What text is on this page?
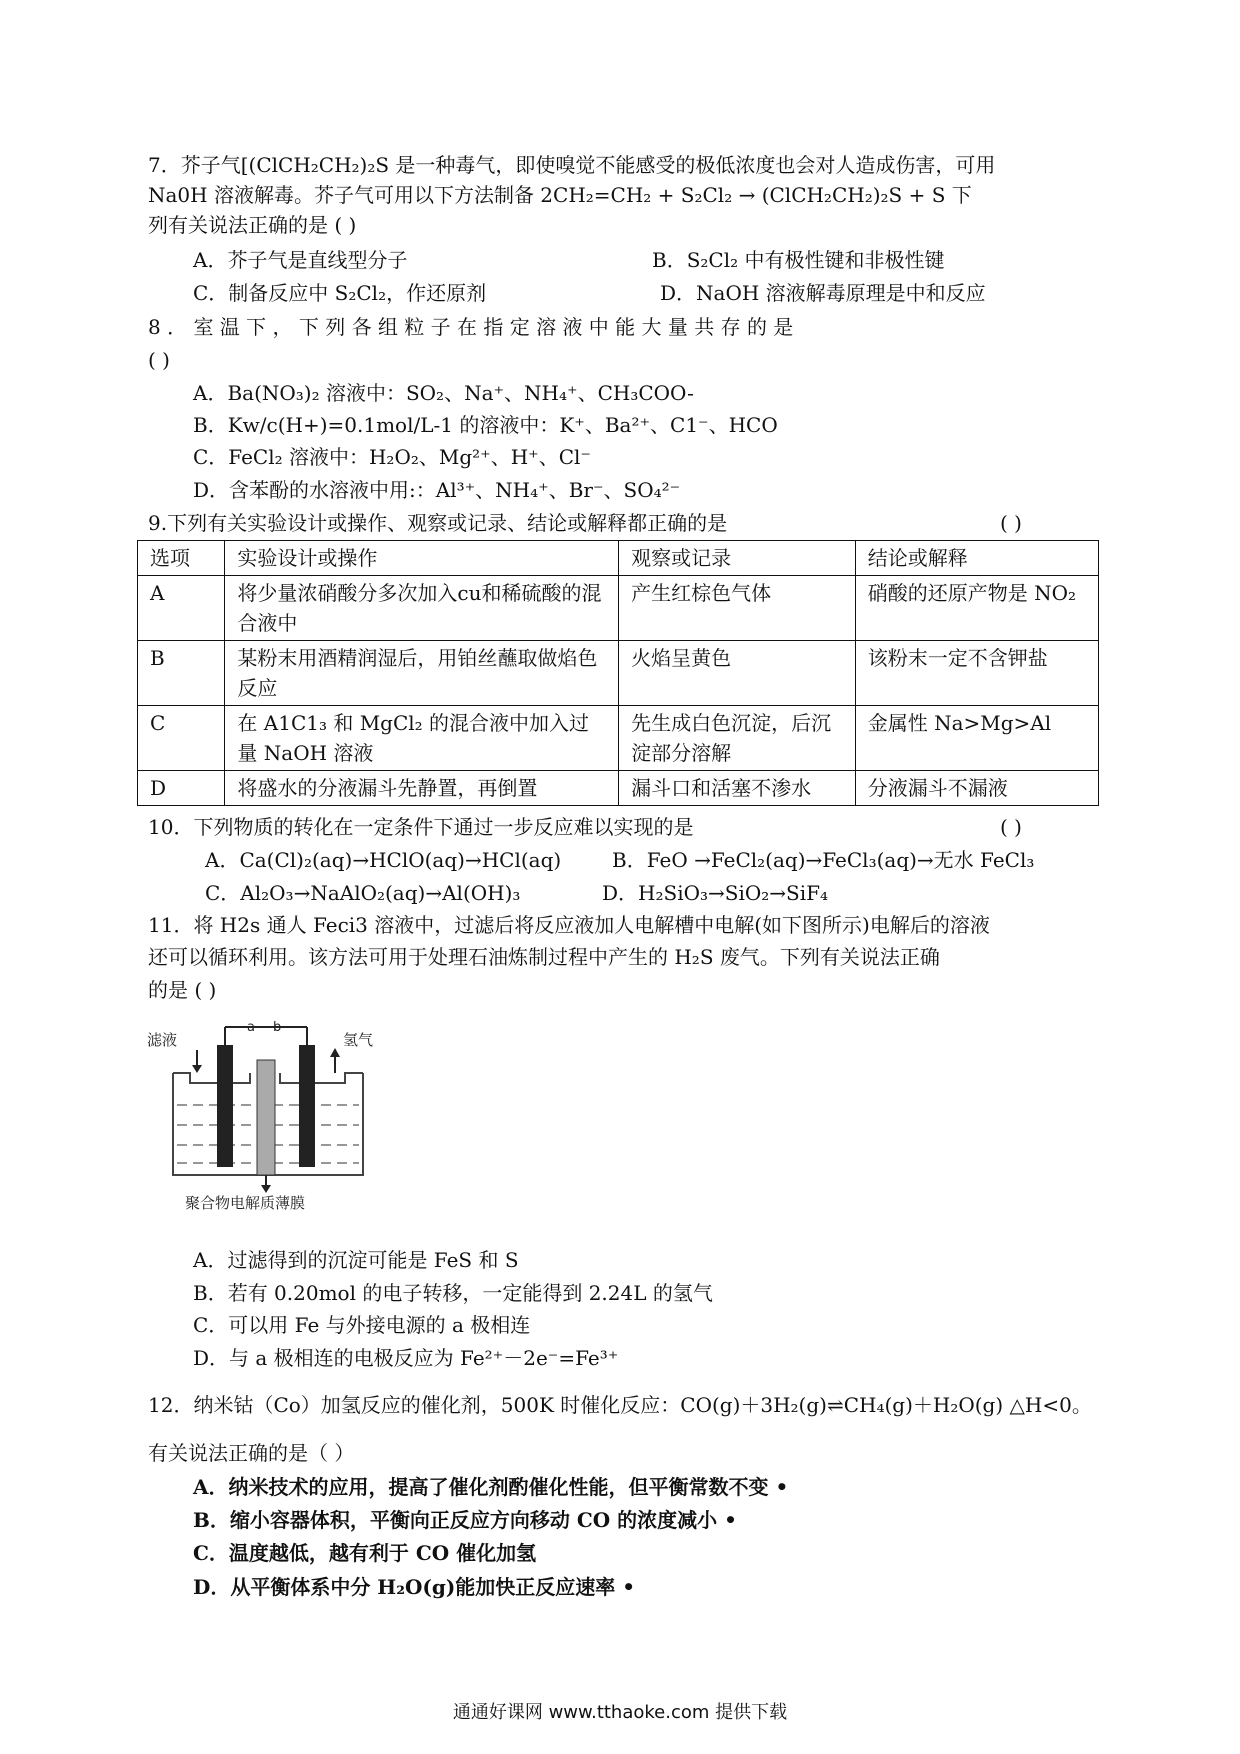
7．芥子气[(ClCH₂CH₂)₂S 是一种毒气，即使嗅觉不能感受的极低浓度也会对人造成伤害，可用
Na0H 溶液解毒。芥子气可用以下方法制备 2CH₂=CH₂ + S₂Cl₂ → (ClCH₂CH₂)₂S + S 下
列有关说法正确的是 ( )
A．芥子气是直线型分子	B．S₂Cl₂ 中有极性键和非极性键
C．制备反应中 S₂Cl₂，作还原剂	D．NaOH 溶液解毒原理是中和反应
8 ． 室 温 下 ， 下 列 各 组 粒 子 在 指 定 溶 液 中 能 大 量 共 存 的 是
( )
A．Ba(NO₃)₂ 溶液中：SO₂、Na⁺、NH₄⁺、CH₃COO-
B．Kw/c(H+)=0.1mol/L-1 的溶液中：K⁺、Ba²⁺、C1⁻、HCO
C．FeCl₂ 溶液中：H₂O₂、Mg²⁺、H⁺、Cl⁻
D．含苯酚的水溶液中用:：Al³⁺、NH₄⁺、Br⁻、SO₄²⁻
9.下列有关实验设计或操作、观察或记录、结论或解释都正确的是	( )
选项	实验设计或操作	观察或记录	结论或解释
A	将少量浓硝酸分多次加入cu和稀硫酸的混合液中	产生红棕色气体	硝酸的还原产物是 NO₂
B	某粉末用酒精润湿后，用铂丝蘸取做焰色反应	火焰呈黄色	该粉末一定不含钾盐
C	在 A1C1₃ 和 MgCl₂ 的混合液中加入过量 NaOH 溶液	先生成白色沉淀，后沉淀部分溶解	金属性 Na>Mg>Al
D	将盛水的分液漏斗先静置，再倒置	漏斗口和活塞不渗水	分液漏斗不漏液
10．下列物质的转化在一定条件下通过一步反应难以实现的是	( )
A．Ca(Cl)₂(aq)→HClO(aq)→HCl(aq)	B．FeO →FeCl₂(aq)→FeCl₃(aq)→无水 FeCl₃
C．Al₂O₃→NaAlO₂(aq)→Al(OH)₃	D．H₂SiO₃→SiO₂→SiF₄
11．将 H2s 通人 Feci3 溶液中，过滤后将反应液加人电解槽中电解(如下图所示)电解后的溶液
还可以循环利用。该方法可用于处理石油炼制过程中产生的 H₂S 废气。下列有关说法正确
的是 ( )
a b
滤液	氢气
聚合物电解质薄膜
A．过滤得到的沉淀可能是 FeS 和 S
B．若有 0.20mol 的电子转移，一定能得到 2.24L 的氢气
C．可以用 Fe 与外接电源的 a 极相连
D．与 a 极相连的电极反应为 Fe²⁺－2e⁻=Fe³⁺
12．纳米钴（Co）加氢反应的催化剂，500K 时催化反应：CO(g)＋3H₂(g)⇌CH₄(g)＋H₂O(g) △H<0。
有关说法正确的是（ ）
A．纳米技术的应用，提高了催化剂酌催化性能，但平衡常数不变 •
B．缩小容器体积，平衡向正反应方向移动 CO 的浓度减小 •
C．温度越低，越有利于 CO 催化加氢
D．从平衡体系中分 H₂O(g)能加快正反应速率 •
通通好课网 www.tthaoke.com 提供下载
